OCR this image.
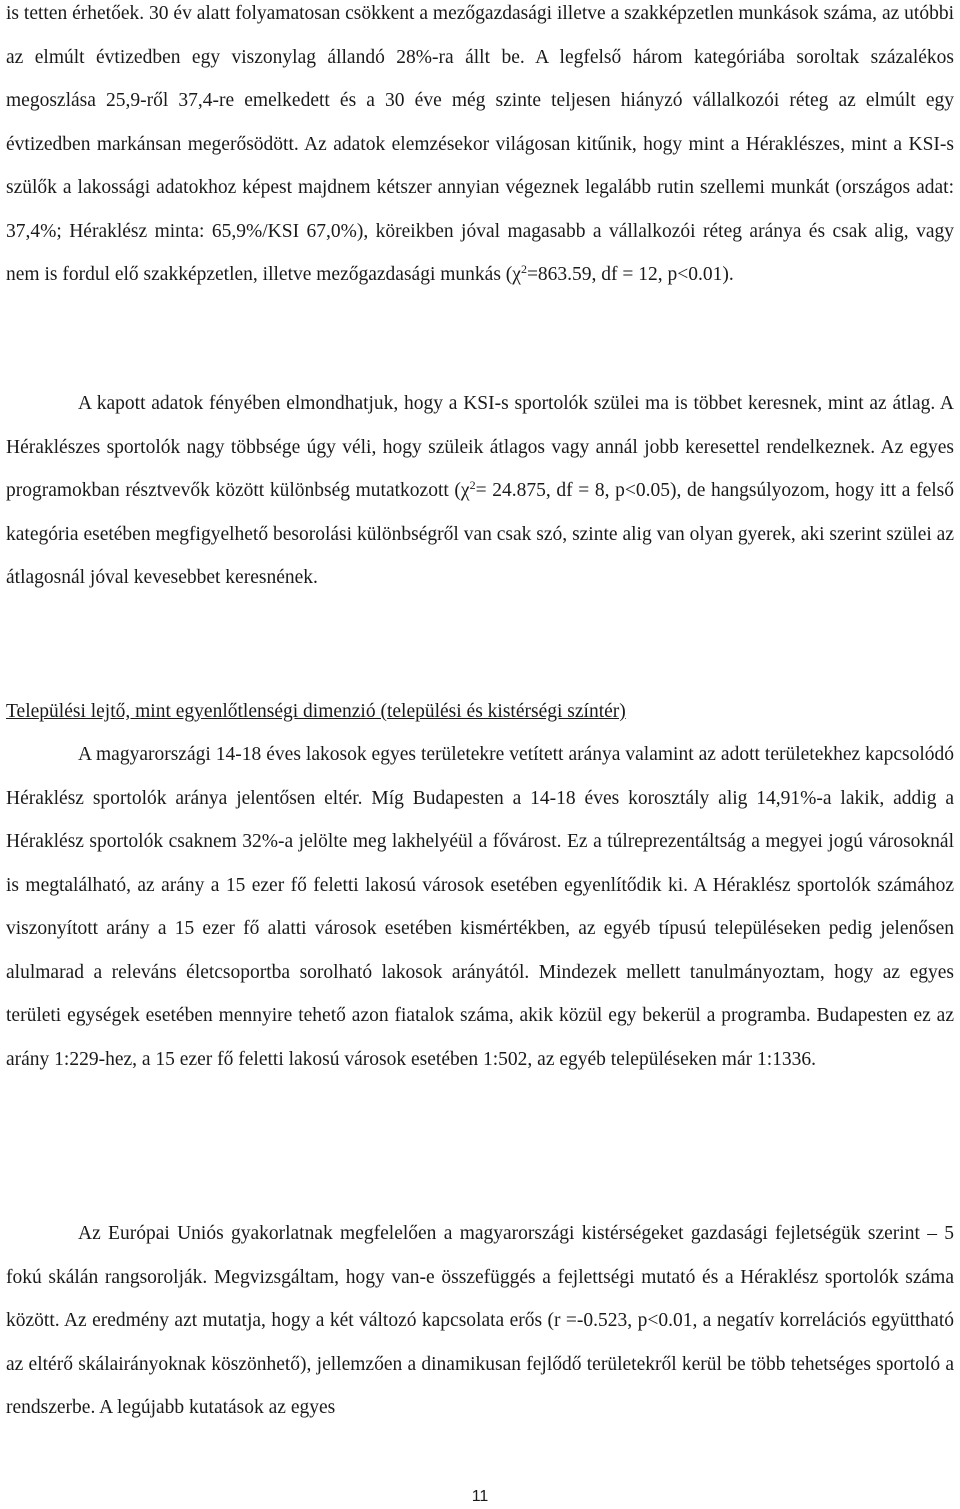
is tetten érhetőek. 30 év alatt folyamatosan csökkent a mezőgazdasági illetve a szakképzetlen munkások száma, az utóbbi az elmúlt évtizedben egy viszonylag állandó 28%-ra állt be. A legfelső három kategóriába soroltak százalékos megoszlása 25,9-ről 37,4-re emelkedett és a 30 éve még szinte teljesen hiányzó vállalkozói réteg az elmúlt egy évtizedben markánsan megerősödött. Az adatok elemzésekor világosan kitűnik, hogy mint a Héraklészes, mint a KSI-s szülők a lakossági adatokhoz képest majdnem kétszer annyian végeznek legalább rutin szellemi munkát (országos adat: 37,4%; Héraklész minta: 65,9%/KSI 67,0%), köreikben jóval magasabb a vállalkozói réteg aránya és csak alig, vagy nem is fordul elő szakképzetlen, illetve mezőgazdasági munkás ($\chi^2=863.59$, df = 12, p<0.01).

A kapott adatok fényében elmondhatjuk, hogy a KSI-s sportolók szülei ma is többet keresnek, mint az átlag. A Héraklészes sportolók nagy többsége úgy véli, hogy szüleik átlagos vagy annál jobb keresettel rendelkeznek. Az egyes programokban résztvevők között különbség mutatkozott ($\chi^2= 24.875$, df = 8, p<0.05), de hangsúlyozom, hogy itt a felső kategória esetében megfigyelhető besorolási különbségről van csak szó, szinte alig van olyan gyerek, aki szerint szülei az átlagosnál jóval kevesebbet keresnének.

Települési lejtő, mint egyenlőtlenségi dimenzió (települési és kistérségi színtér)

A magyarországi 14-18 éves lakosok egyes területekre vetített aránya valamint az adott területekhez kapcsolódó Héraklész sportolók aránya jelentősen eltér. Míg Budapesten a 14-18 éves korosztály alig 14,91%-a lakik, addig a Héraklész sportolók csaknem 32%-a jelölte meg lakhelyéül a fővárost. Ez a túlreprezentáltság a megyei jogú városoknál is megtalálható, az arány a 15 ezer fő feletti lakosú városok esetében egyenlítődik ki. A Héraklész sportolók számához viszonyított arány a 15 ezer fő alatti városok esetében kismértékben, az egyéb típusú településeken pedig jelenősen alulmarad a releváns életcsoportba sorolható lakosok arányától. Mindezek mellett tanulmányoztam, hogy az egyes területi egységek esetében mennyire tehető azon fiatalok száma, akik közül egy bekerül a programba. Budapesten ez az arány 1:229-hez, a 15 ezer fő feletti lakosú városok esetében 1:502, az egyéb településeken már 1:1336.

Az Európai Uniós gyakorlatnak megfelelően a magyarországi kistérségeket gazdasági fejletségük szerint – 5 fokú skálán rangsorolják. Megvizsgáltam, hogy van-e összefüggés a fejlettségi mutató és a Héraklész sportolók száma között. Az eredmény azt mutatja, hogy a két változó kapcsolata erős (r =-0.523, p<0.01, a negatív korrelációs együttható az eltérő skálairányoknak köszönhető), jellemzően a dinamikusan fejlődő területekről kerül be több tehetséges sportoló a rendszerbe. A legújabb kutatások az egyes

11
